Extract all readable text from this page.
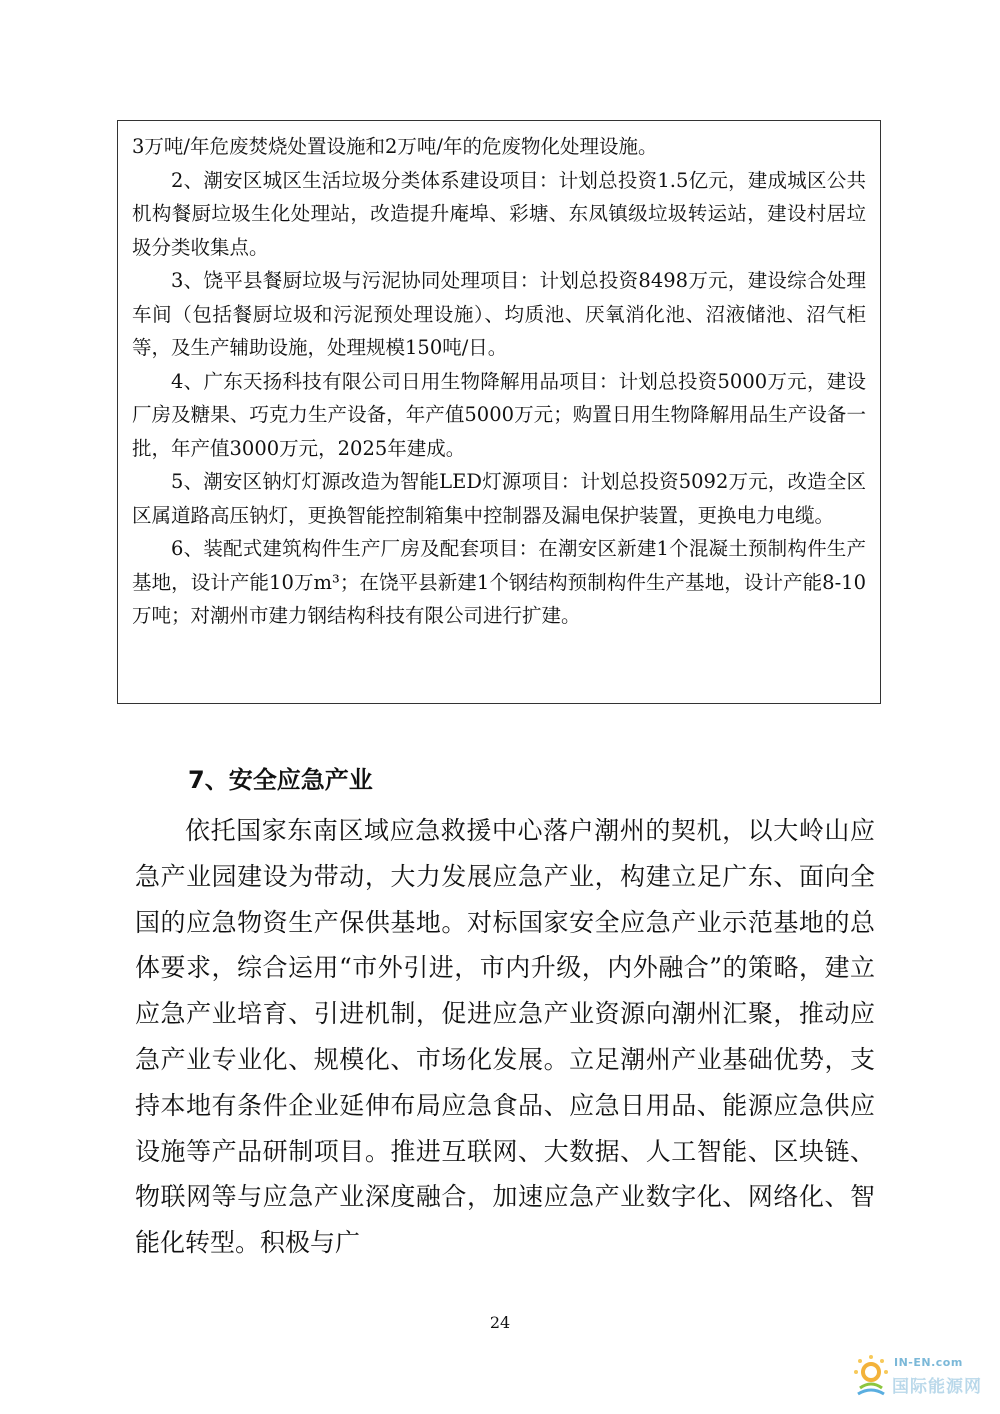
3万吨/年危废焚烧处置设施和2万吨/年的危废物化处理设施。

2、潮安区城区生活垃圾分类体系建设项目：计划总投资1.5亿元，建成城区公共机构餐厨垃圾生化处理站，改造提升庵埠、彩塘、东凤镇级垃圾转运站，建设村居垃圾分类收集点。

3、饶平县餐厨垃圾与污泥协同处理项目：计划总投资8498万元，建设综合处理车间（包括餐厨垃圾和污泥预处理设施）、均质池、厌氧消化池、沼液储池、沼气柜等，及生产辅助设施，处理规模150吨/日。

4、广东天扬科技有限公司日用生物降解用品项目：计划总投资5000万元，建设厂房及糖果、巧克力生产设备，年产值5000万元；购置日用生物降解用品生产设备一批，年产值3000万元，2025年建成。

5、潮安区钠灯灯源改造为智能LED灯源项目：计划总投资5092万元，改造全区区属道路高压钠灯，更换智能控制箱集中控制器及漏电保护装置，更换电力电缆。

6、装配式建筑构件生产厂房及配套项目：在潮安区新建1个混凝土预制构件生产基地，设计产能10万m³；在饶平县新建1个钢结构预制构件生产基地，设计产能8-10万吨；对潮州市建力钢结构科技有限公司进行扩建。

7、安全应急产业

依托国家东南区域应急救援中心落户潮州的契机，以大岭山应急产业园建设为带动，大力发展应急产业，构建立足广东、面向全国的应急物资生产保供基地。对标国家安全应急产业示范基地的总体要求，综合运用“市外引进，市内升级，内外融合”的策略，建立应急产业培育、引进机制，促进应急产业资源向潮州汇聚，推动应急产业专业化、规模化、市场化发展。立足潮州产业基础优势，支持本地有条件企业延伸布局应急食品、应急日用品、能源应急供应设施等产品研制项目。推进互联网、大数据、人工智能、区块链、物联网等与应急产业深度融合，加速应急产业数字化、网络化、智能化转型。积极与广

24

IN-EN.com
国际能源网
